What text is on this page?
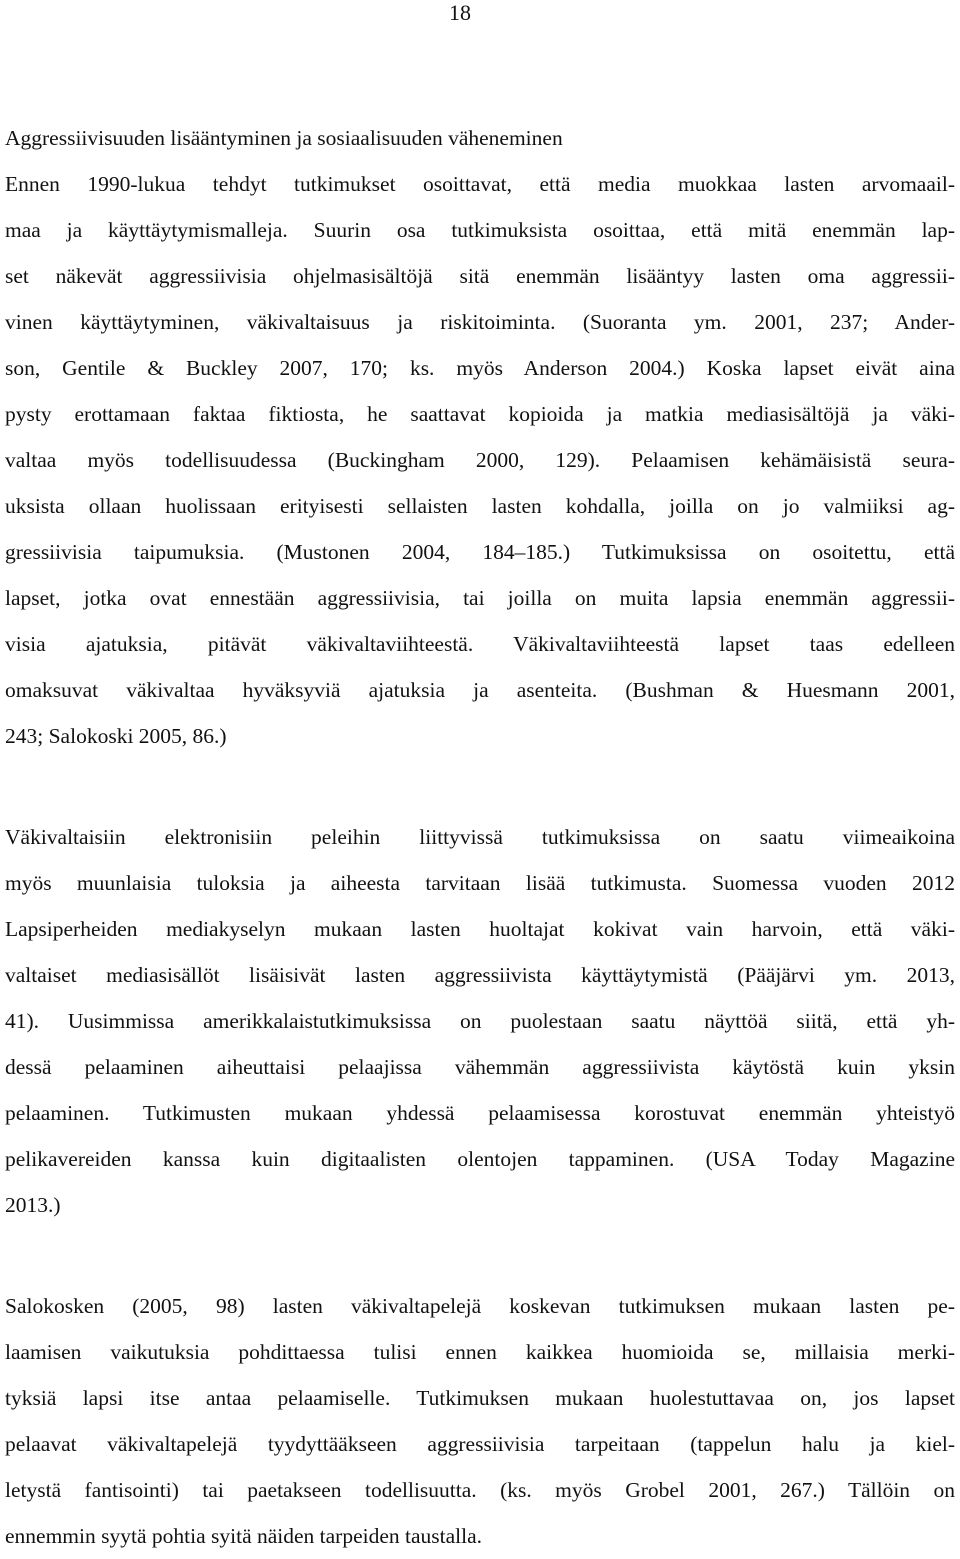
18
Aggressiivisuuden lisääntyminen ja sosiaalisuuden väheneminen
Ennen 1990-lukua tehdyt tutkimukset osoittavat, että media muokkaa lasten arvomaail-
maa ja käyttäytymismalleja. Suurin osa tutkimuksista osoittaa, että mitä enemmän lap-
set näkevät aggressiivisia ohjelmasisältöjä sitä enemmän lisääntyy lasten oma aggressii-
vinen käyttäytyminen, väkivaltaisuus ja riskitoiminta. (Suoranta ym. 2001, 237; Ander-
son, Gentile & Buckley 2007, 170; ks. myös Anderson 2004.) Koska lapset eivät aina
pysty erottamaan faktaa fiktiosta, he saattavat kopioida ja matkia mediasisältöjä ja väki-
valtaa myös todellisuudessa (Buckingham 2000, 129). Pelaamisen kehämäisistä seura-
uksista ollaan huolissaan erityisesti sellaisten lasten kohdalla, joilla on jo valmiiksi ag-
gressiivisia taipumuksia. (Mustonen 2004, 184–185.) Tutkimuksissa on osoitettu, että
lapset, jotka ovat ennestään aggressiivisia, tai joilla on muita lapsia enemmän aggressii-
visia ajatuksia, pitävät väkivaltaviihteestä. Väkivaltaviihteestä lapset taas edelleen
omaksuvat väkivaltaa hyväksyviä ajatuksia ja asenteita. (Bushman & Huesmann 2001,
243; Salokoski 2005, 86.)
Väkivaltaisiin elektronisiin peleihin liittyvissä tutkimuksissa on saatu viimeaikoina
myös muunlaisia tuloksia ja aiheesta tarvitaan lisää tutkimusta. Suomessa vuoden 2012
Lapsiperheiden mediakyselyn mukaan lasten huoltajat kokivat vain harvoin, että väki-
valtaiset mediasisällöt lisäisivät lasten aggressiivista käyttäytymistä (Pääjärvi ym. 2013,
41). Uusimmissa amerikkalaistutkimuksissa on puolestaan saatu näyttöä siitä, että yh-
dessä pelaaminen aiheuttaisi pelaajissa vähemmän aggressiivista käytöstä kuin yksin
pelaaminen. Tutkimusten mukaan yhdessä pelaamisessa korostuvat enemmän yhteistyö
pelikavereiden kanssa kuin digitaalisten olentojen tappaminen. (USA Today Magazine
2013.)
Salokosken (2005, 98) lasten väkivaltapelejä koskevan tutkimuksen mukaan lasten pe-
laamisen vaikutuksia pohdittaessa tulisi ennen kaikkea huomioida se, millaisia merki-
tyksiä lapsi itse antaa pelaamiselle. Tutkimuksen mukaan huolestuttavaa on, jos lapset
pelaavat väkivaltapelejä tyydyttääkseen aggressiivisia tarpeitaan (tappelun halu ja kiel-
letystä fantisointi) tai paetakseen todellisuutta. (ks. myös Grobel 2001, 267.) Tällöin on
ennemmin syytä pohtia syitä näiden tarpeiden taustalla.
